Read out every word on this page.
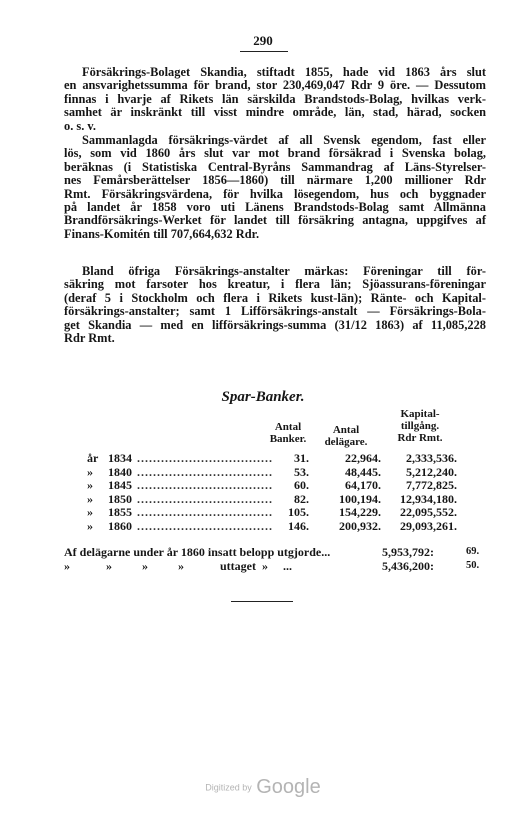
290
Försäkrings-Bolaget Skandia, stiftadt 1855, hade vid 1863 års slut
en ansvarighetssumma för brand, stor 230,469,047 Rdr 9 öre. — Dessutom
finnas i hvarje af Rikets län särskilda Brandstods-Bolag, hvilkas verk-
samhet är inskränkt till visst mindre område, län, stad, härad, socken
o. s. v.
Sammanlagda försäkrings-värdet af all Svensk egendom, fast eller
lös, som vid 1860 års slut var mot brand försäkrad i Svenska bolag,
beräknas (i Statistiska Central-Byråns Sammandrag af Läns-Styrelser-
nes Femårsberättelser 1856—1860) till närmare 1,200 millioner Rdr
Rmt. Försäkringsvärdena, för hvilka lösegendom, hus och byggnader
på landet år 1858 voro uti Länens Brandstods-Bolag samt Allmänna
Brandförsäkrings-Werket för landet till försäkring antagna, uppgifves af
Finans-Komitén till 707,664,632 Rdr.
Bland öfriga Försäkrings-anstalter märkas: Föreningar till för-
säkring mot farsoter hos kreatur, i flera län; Sjöassurans-föreningar
(deraf 5 i Stockholm och flera i Rikets kust-län); Ränte- och Kapital-
försäkrings-anstalter; samt 1 Lifförsäkrings-anstalt — Försäkrings-Bola-
get Skandia — med en lifförsäkrings-summa (31/12 1863) af 11,085,228
Rdr Rmt.
Spar-Banker.
Antal
Banker.
Antal
delägare.
Kapital-
tillgång.
Rdr Rmt.
år 1834 ..................................	31.	22,964.	2,333,536.
»	1840 ..................................	53.	48,445.	5,212,240.
»	1845 ..................................	60.	64,170.	7,772,825.
»	1850 ..................................	82.	100,194.	12,934,180.
»	1855 ..................................	105.	154,229.	22,095,552.
»	1860 ..................................	146.	200,932.	29,093,261.
Af delägarne under år 1860 insatt belopp utgjorde...	5,953,792:	69.
»	»	»	»	uttaget » ...	5,436,200:	50.
Digitized by Google
